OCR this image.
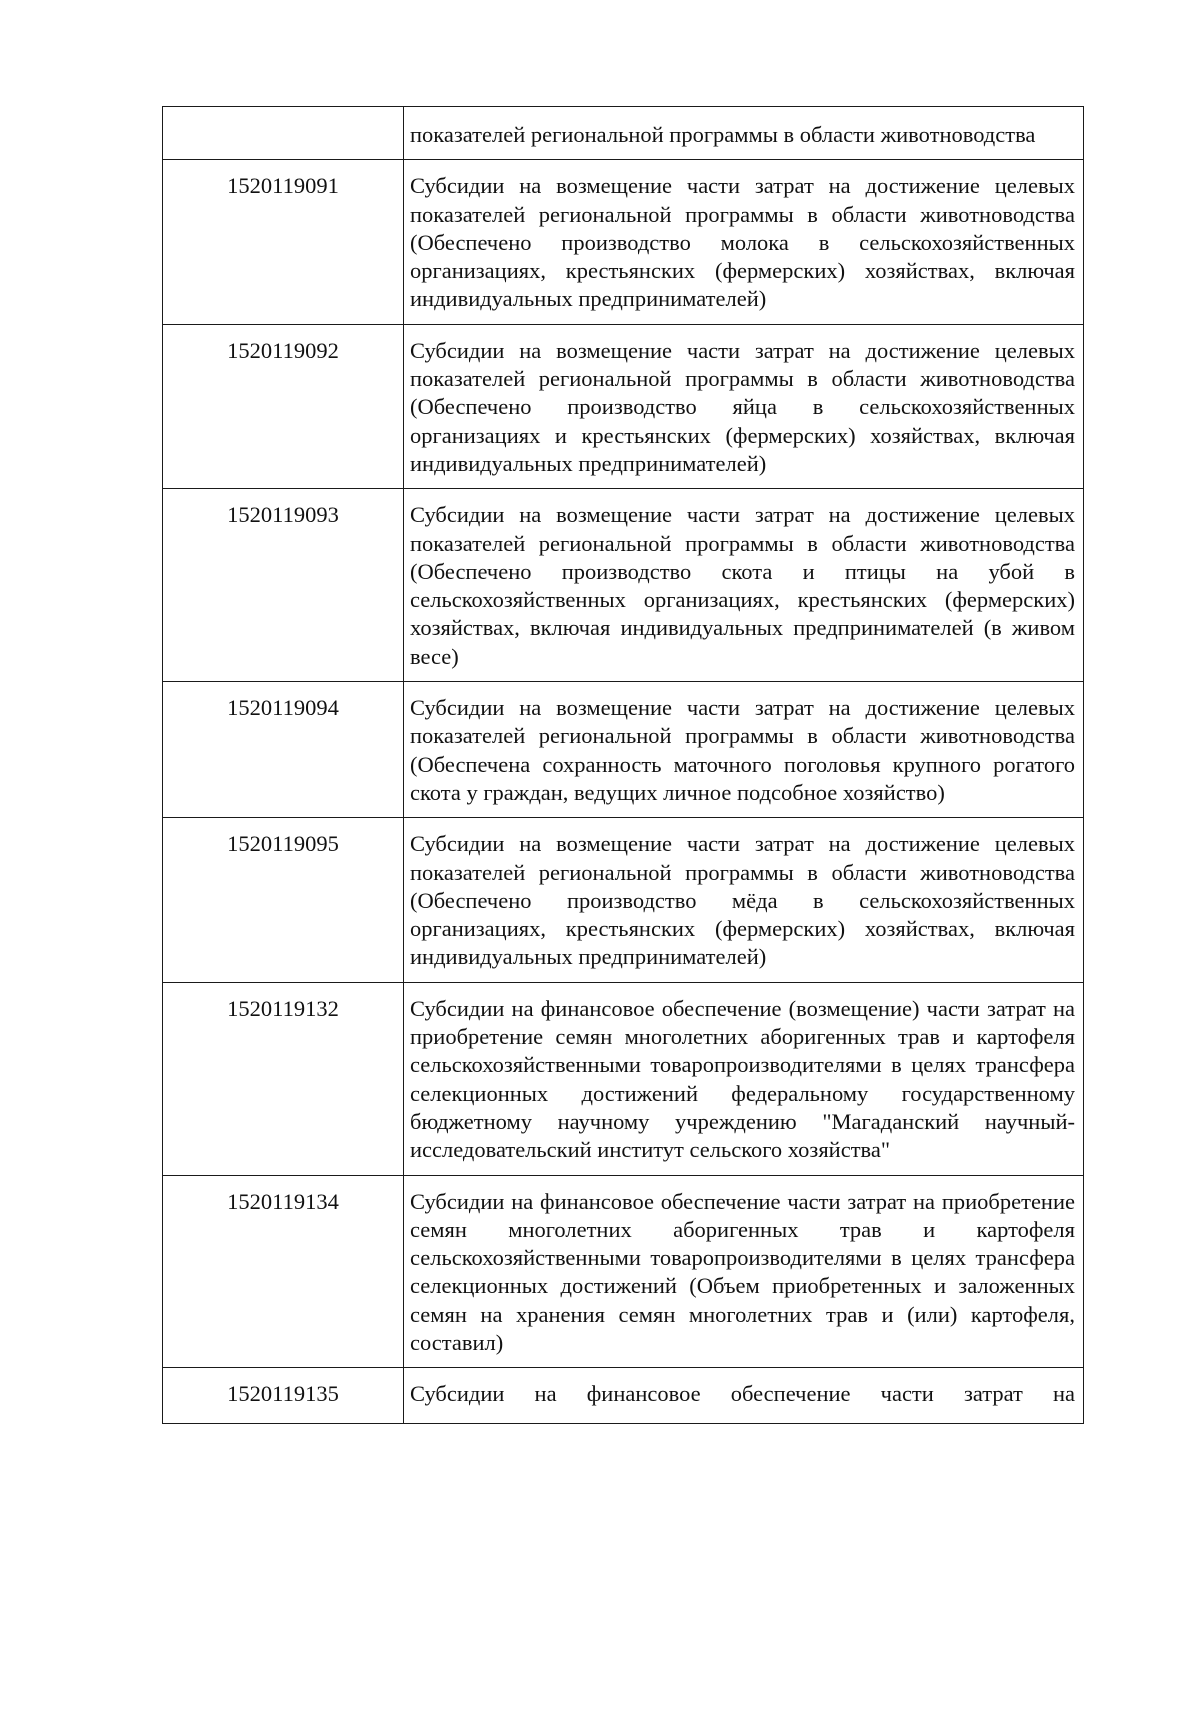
	показателей региональной программы в области животноводства
1520119091	Субсидии на возмещение части затрат на достижение целевых показателей региональной программы в области животноводства (Обеспечено производство молока в сельскохозяйственных организациях, крестьянских (фермерских) хозяйствах, включая индивидуальных предпринимателей)
1520119092	Субсидии на возмещение части затрат на достижение целевых показателей региональной программы в области животноводства (Обеспечено производство яйца в сельскохозяйственных организациях и крестьянских (фермерских) хозяйствах, включая индивидуальных предпринимателей)
1520119093	Субсидии на возмещение части затрат на достижение целевых показателей региональной программы в области животноводства (Обеспечено производство скота и птицы на убой в сельскохозяйственных организациях, крестьянских (фермерских) хозяйствах, включая индивидуальных предпринимателей (в живом весе)
1520119094	Субсидии на возмещение части затрат на достижение целевых показателей региональной программы в области животноводства (Обеспечена сохранность маточного поголовья крупного рогатого скота у граждан, ведущих личное подсобное хозяйство)
1520119095	Субсидии на возмещение части затрат на достижение целевых показателей региональной программы в области животноводства (Обеспечено производство мёда в сельскохозяйственных организациях, крестьянских (фермерских) хозяйствах, включая индивидуальных предпринимателей)
1520119132	Субсидии на финансовое обеспечение (возмещение) части затрат на приобретение семян многолетних аборигенных трав и картофеля сельскохозяйственными товаропроизводителями в целях трансфера селекционных достижений федеральному государственному бюджетному научному учреждению "Магаданский научный-исследовательский институт сельского хозяйства"
1520119134	Субсидии на финансовое обеспечение части затрат на приобретение семян многолетних аборигенных трав и картофеля сельскохозяйственными товаропроизводителями в целях трансфера селекционных достижений (Объем приобретенных и заложенных семян на хранения семян многолетних трав и (или) картофеля, составил)
1520119135	Субсидии на финансовое обеспечение части затрат на
